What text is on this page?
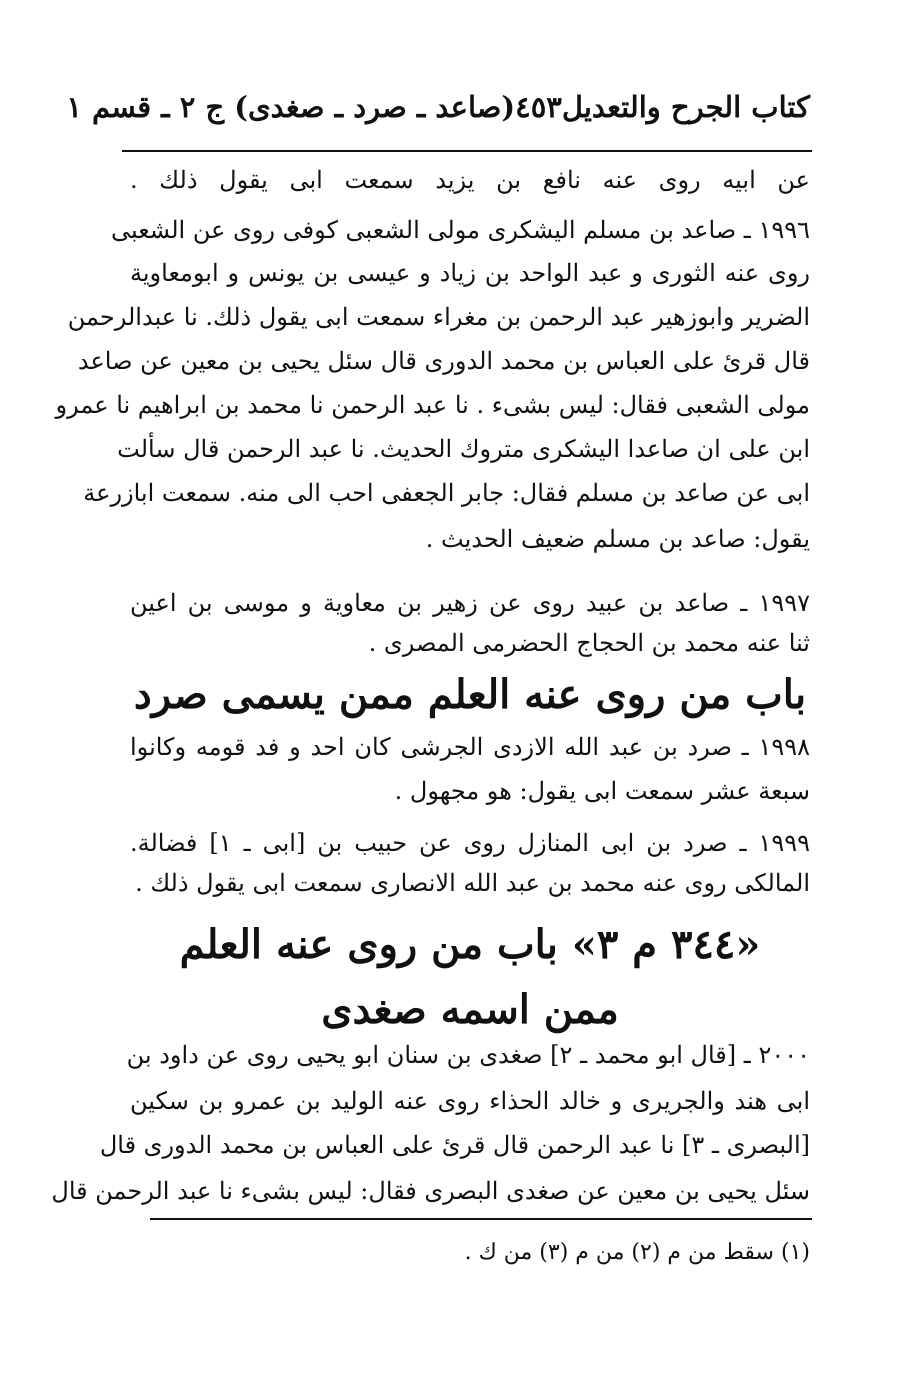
كتاب الجرح والتعديل
٤٥٣
(صاعد ـ صرد ـ صغدى) ج ٢ ـ قسم ١
عن ابيه روى عنه نافع بن يزيد سمعت ابى يقول ذلك .
١٩٩٦ ـ صاعد بن مسلم اليشكرى مولى الشعبى كوفى روى عن الشعبى
روى عنه الثورى و عبد الواحد بن زياد و عيسى بن يونس و ابومعاوية
الضرير وابوزهير عبد الرحمن بن مغراء سمعت ابى يقول ذلك. نا عبدالرحمن
قال قرئ على العباس بن محمد الدورى قال سئل يحيى بن معين عن صاعد
مولى الشعبى فقال: ليس بشىء . نا عبد الرحمن نا محمد بن ابراهيم نا عمرو
ابن على ان صاعدا اليشكرى متروك الحديث. نا عبد الرحمن قال سألت
ابى عن صاعد بن مسلم فقال: جابر الجعفى احب الى منه. سمعت ابازرعة
يقول: صاعد بن مسلم ضعيف الحديث .
١٩٩٧ ـ صاعد بن عبيد روى عن زهير بن معاوية و موسى بن اعين
ثنا عنه محمد بن الحجاج الحضرمى المصرى .
باب من روى عنه العلم ممن يسمى صرد
١٩٩٨ ـ صرد بن عبد الله الازدى الجرشى كان احد و فد قومه وكانوا
سبعة عشر سمعت ابى يقول: هو مجهول .
١٩٩٩ ـ صرد بن ابى المنازل روى عن حبيب بن [ابى ـ ١] فضالة.
المالكى روى عنه محمد بن عبد الله الانصارى سمعت ابى يقول ذلك .
«٣٤٤ م ٣» باب من روى عنه العلم
ممن اسمه صغدى
٢٠٠٠ ـ [قال ابو محمد ـ ٢] صغدى بن سنان ابو يحيى روى عن داود بن
ابى هند والجريرى و خالد الحذاء روى عنه الوليد بن عمرو بن سكين
[البصرى ـ ٣] نا عبد الرحمن قال قرئ على العباس بن محمد الدورى قال
سئل يحيى بن معين عن صغدى البصرى فقال: ليس بشىء نا عبد الرحمن قال
(١) سقط من م (٢) من م (٣) من ك .
